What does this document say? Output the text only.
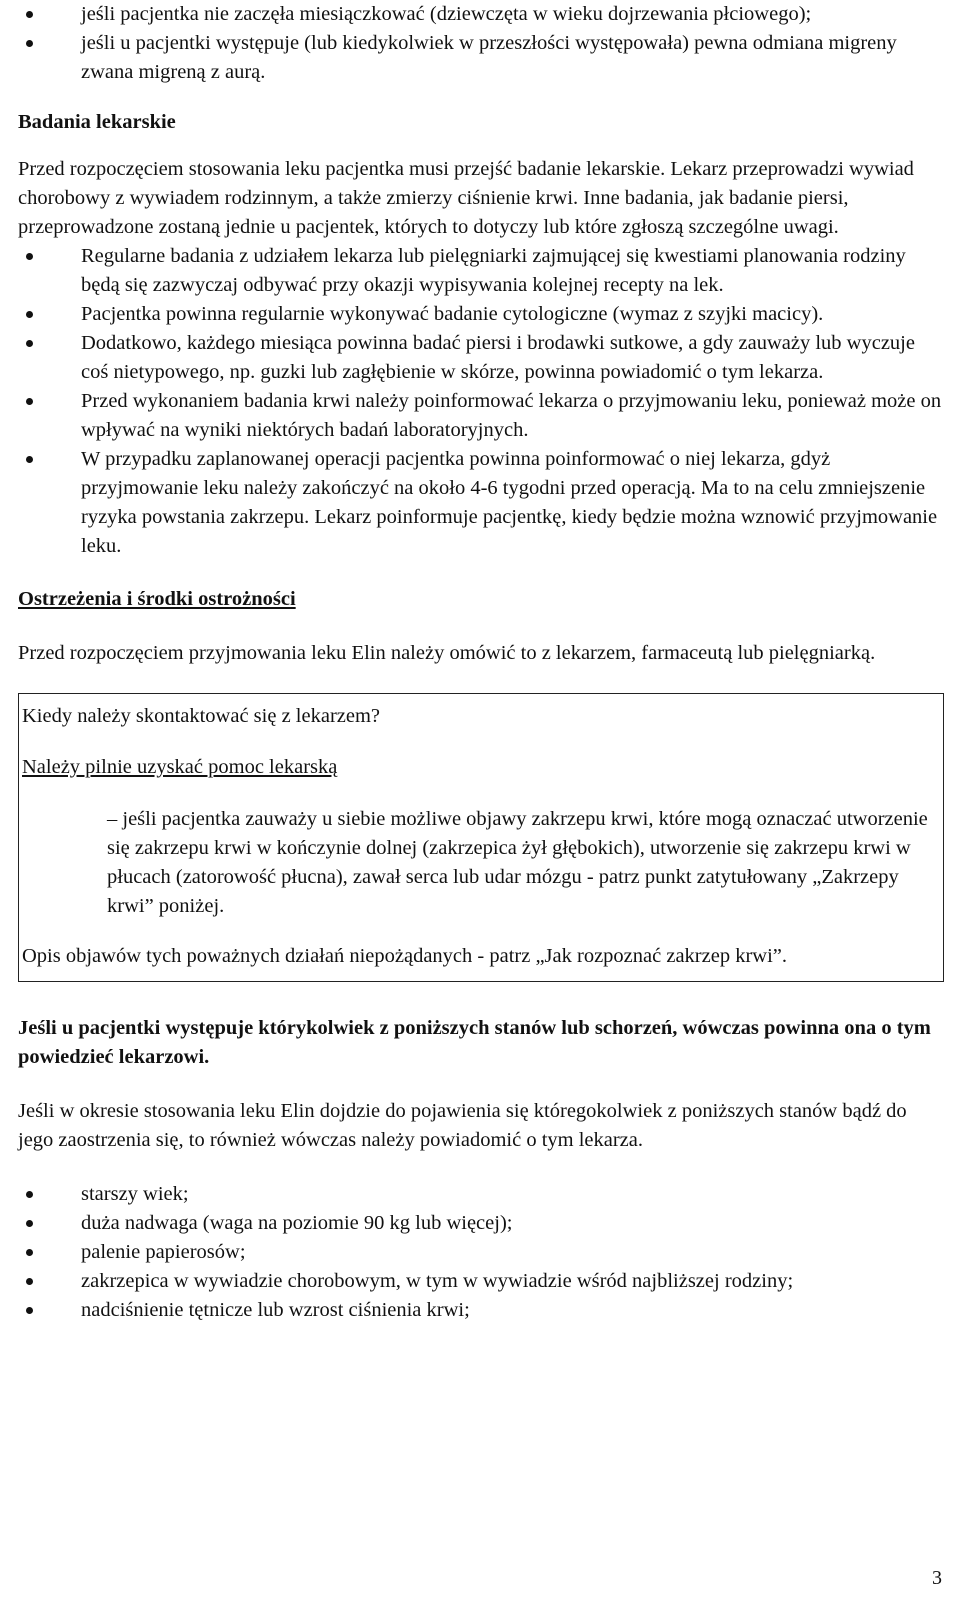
jeśli pacjentka nie zaczęła miesiączkować (dziewczęta w wieku dojrzewania płciowego);
jeśli u pacjentki występuje (lub kiedykolwiek w przeszłości występowała) pewna odmiana migreny zwana migreną z aurą.

Badania lekarskie

Przed rozpoczęciem stosowania leku pacjentka musi przejść badanie lekarskie. Lekarz przeprowadzi wywiad chorobowy z wywiadem rodzinnym, a także zmierzy ciśnienie krwi. Inne badania, jak badanie piersi, przeprowadzone zostaną jednie u pacjentek, których to dotyczy lub które zgłoszą szczególne uwagi.

Regularne badania z udziałem lekarza lub pielęgniarki zajmującej się kwestiami planowania rodziny będą się zazwyczaj odbywać przy okazji wypisywania kolejnej recepty na lek.
Pacjentka powinna regularnie wykonywać badanie cytologiczne (wymaz z szyjki macicy).
Dodatkowo, każdego miesiąca powinna badać piersi i brodawki sutkowe, a gdy zauważy lub wyczuje coś nietypowego, np. guzki lub zagłębienie w skórze, powinna powiadomić o tym lekarza.
Przed wykonaniem badania krwi należy poinformować lekarza o przyjmowaniu leku, ponieważ może on wpływać na wyniki niektórych badań laboratoryjnych.
W przypadku zaplanowanej operacji pacjentka powinna poinformować o niej lekarza, gdyż przyjmowanie leku należy zakończyć na około 4-6 tygodni przed operacją. Ma to na celu zmniejszenie ryzyka powstania zakrzepu. Lekarz poinformuje pacjentkę, kiedy będzie można wznowić przyjmowanie leku.

Ostrzeżenia i środki ostrożności

Przed rozpoczęciem przyjmowania leku Elin należy omówić to z lekarzem, farmaceutą lub pielęgniarką.

Kiedy należy skontaktować się z lekarzem?

Należy pilnie uzyskać pomoc lekarską

– jeśli pacjentka zauważy u siebie możliwe objawy zakrzepu krwi, które mogą oznaczać utworzenie się zakrzepu krwi w kończynie dolnej (zakrzepica żył głębokich), utworzenie się zakrzepu krwi w płucach (zatorowość płucna), zawał serca lub udar mózgu - patrz punkt zatytułowany „Zakrzepy krwi” poniżej.

Opis objawów tych poważnych działań niepożądanych - patrz „Jak rozpoznać zakrzep krwi”.

Jeśli u pacjentki występuje którykolwiek z poniższych stanów lub schorzeń, wówczas powinna ona o tym powiedzieć lekarzowi.

Jeśli w okresie stosowania leku Elin dojdzie do pojawienia się któregokolwiek z poniższych stanów bądź do jego zaostrzenia się, to również wówczas należy powiadomić o tym lekarza.

starszy wiek;
duża nadwaga (waga na poziomie 90 kg lub więcej);
palenie papierosów;
zakrzepica w wywiadzie chorobowym, w tym w wywiadzie wśród najbliższej rodziny;
nadciśnienie tętnicze lub wzrost ciśnienia krwi;
3
